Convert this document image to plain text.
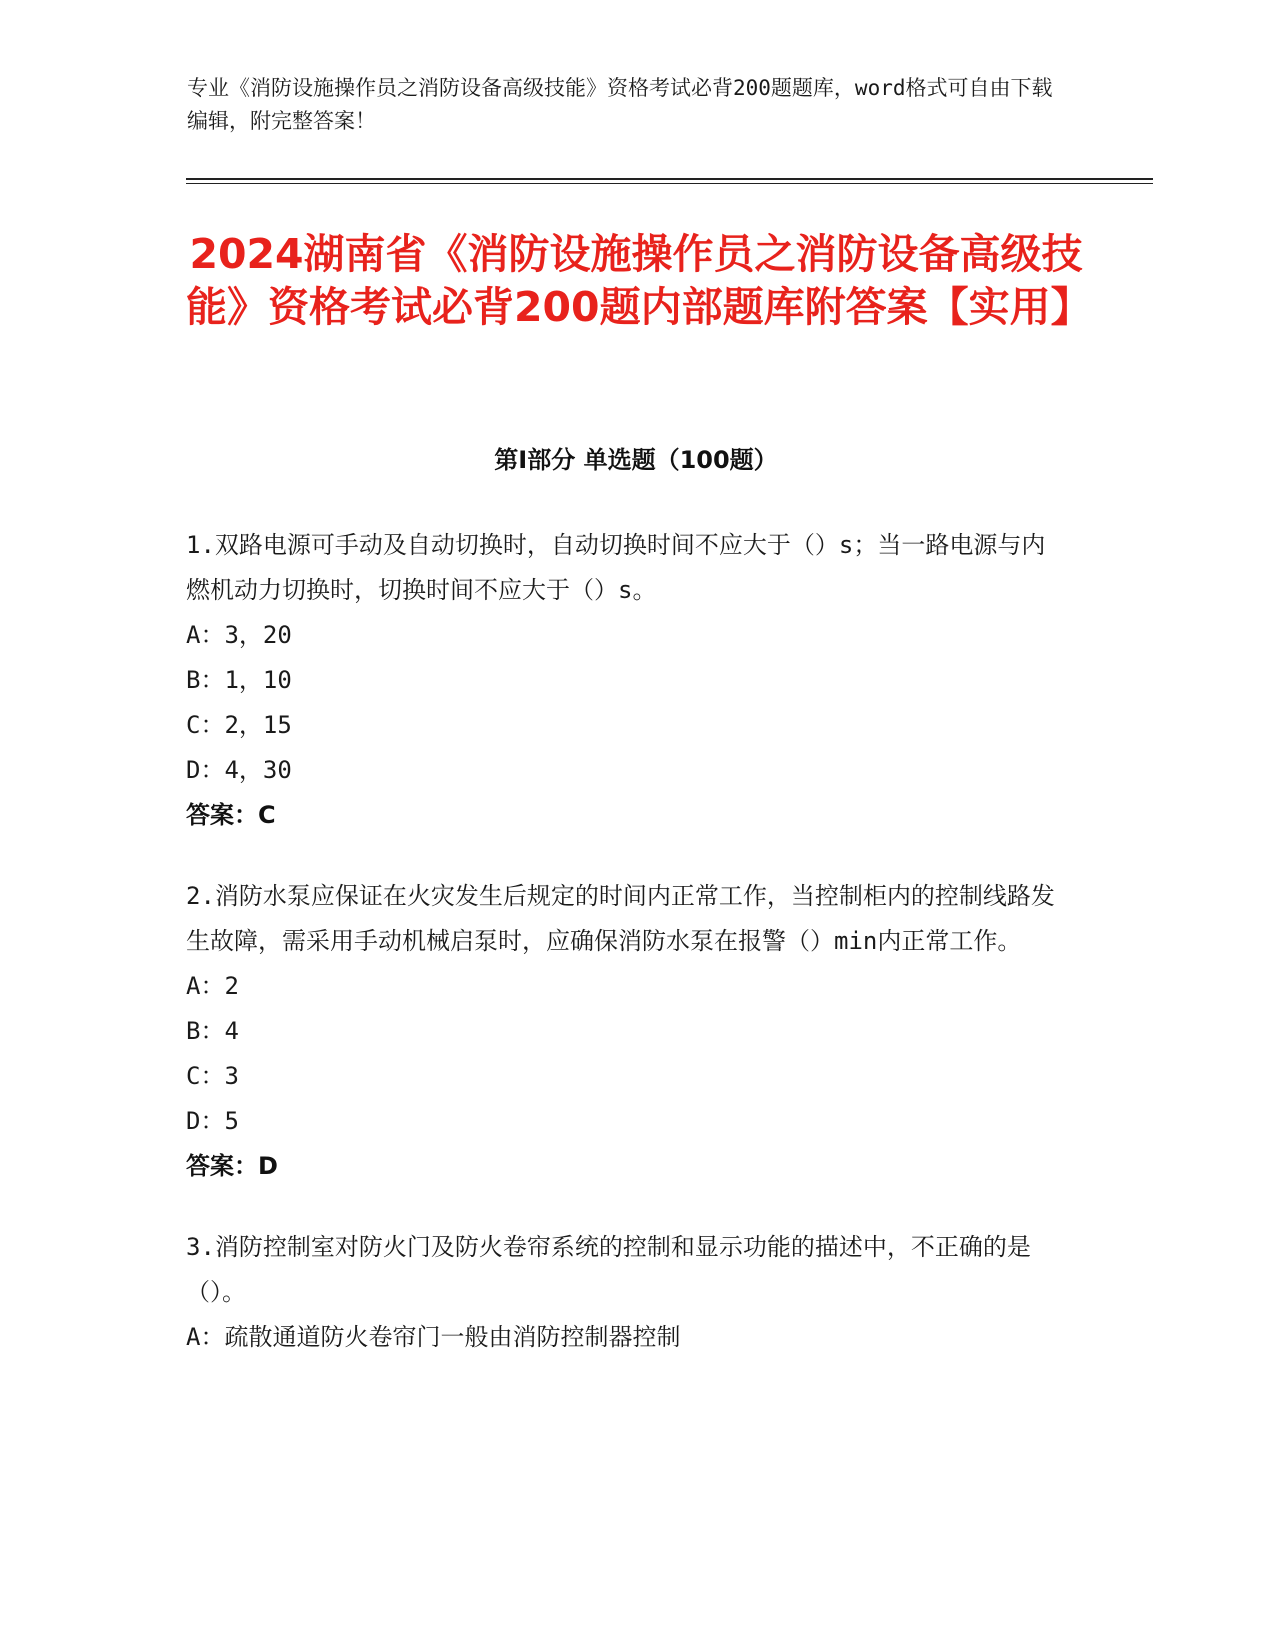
专业《消防设施操作员之消防设备高级技能》资格考试必背200题题库，word格式可自由下载编辑，附完整答案！
2024湖南省《消防设施操作员之消防设备高级技能》资格考试必背200题内部题库附答案【实用】
第Ⅰ部分 单选题（100题）
1.双路电源可手动及自动切换时，自动切换时间不应大于（）s；当一路电源与内燃机动力切换时，切换时间不应大于（）s。
A：3，20
B：1，10
C：2，15
D：4，30
答案：C
2.消防水泵应保证在火灾发生后规定的时间内正常工作，当控制柜内的控制线路发生故障，需采用手动机械启泵时，应确保消防水泵在报警（）min内正常工作。
A：2
B：4
C：3
D：5
答案：D
3.消防控制室对防火门及防火卷帘系统的控制和显示功能的描述中，不正确的是（）。
A：疏散通道防火卷帘门一般由消防控制器控制
